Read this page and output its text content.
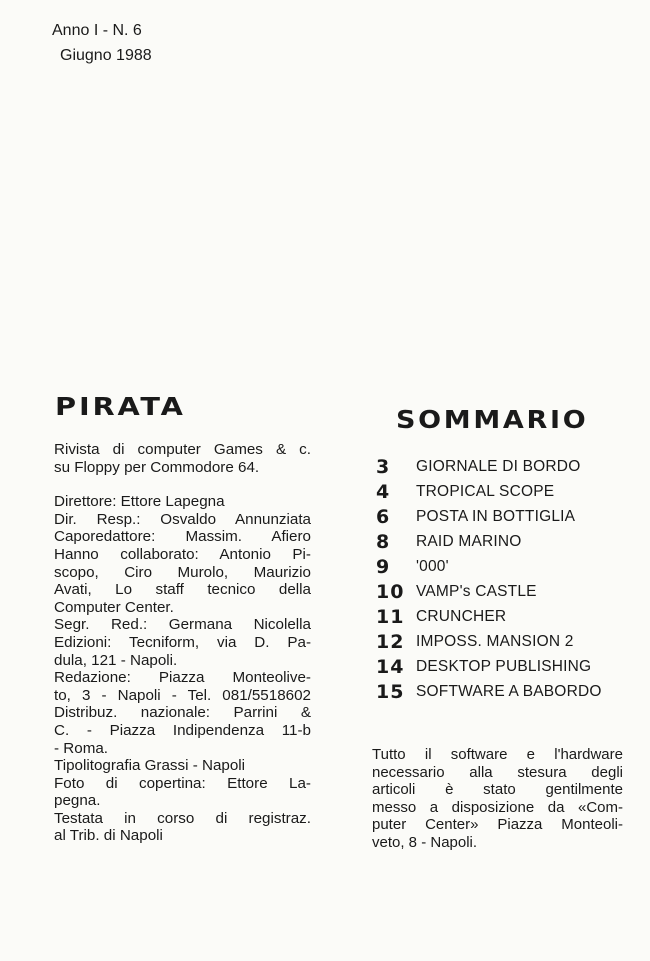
Anno I - N. 6
Giugno 1988
PIRATA
Rivista di computer Games & c.
su Floppy per Commodore 64.
Direttore: Ettore Lapegna
Dir. Resp.: Osvaldo Annunziata
Caporedattore: Massim. Afiero
Hanno collaborato: Antonio Pi-
scopo, Ciro Murolo, Maurizio
Avati, Lo staff tecnico della
Computer Center.
Segr. Red.: Germana Nicolella
Edizioni: Tecniform, via D. Pa-
dula, 121 - Napoli.
Redazione: Piazza Monteolive-
to, 3 - Napoli - Tel. 081/5518602
Distribuz. nazionale: Parrini &
C. - Piazza Indipendenza 11-b
- Roma.
Tipolitografia Grassi - Napoli
Foto di copertina: Ettore La-
pegna.
Testata in corso di registraz.
al Trib. di Napoli
SOMMARIO
3	GIORNALE DI BORDO
4	TROPICAL SCOPE
6	POSTA IN BOTTIGLIA
8	RAID MARINO
9	'000'
10 VAMP's CASTLE
11 CRUNCHER
12 IMPOSS. MANSION 2
14 DESKTOP PUBLISHING
15 SOFTWARE A BABORDO
Tutto il software e l'hardware
necessario alla stesura degli
articoli è stato gentilmente
messo a disposizione da «Com-
puter Center» Piazza Monteoli-
veto, 8 - Napoli.
